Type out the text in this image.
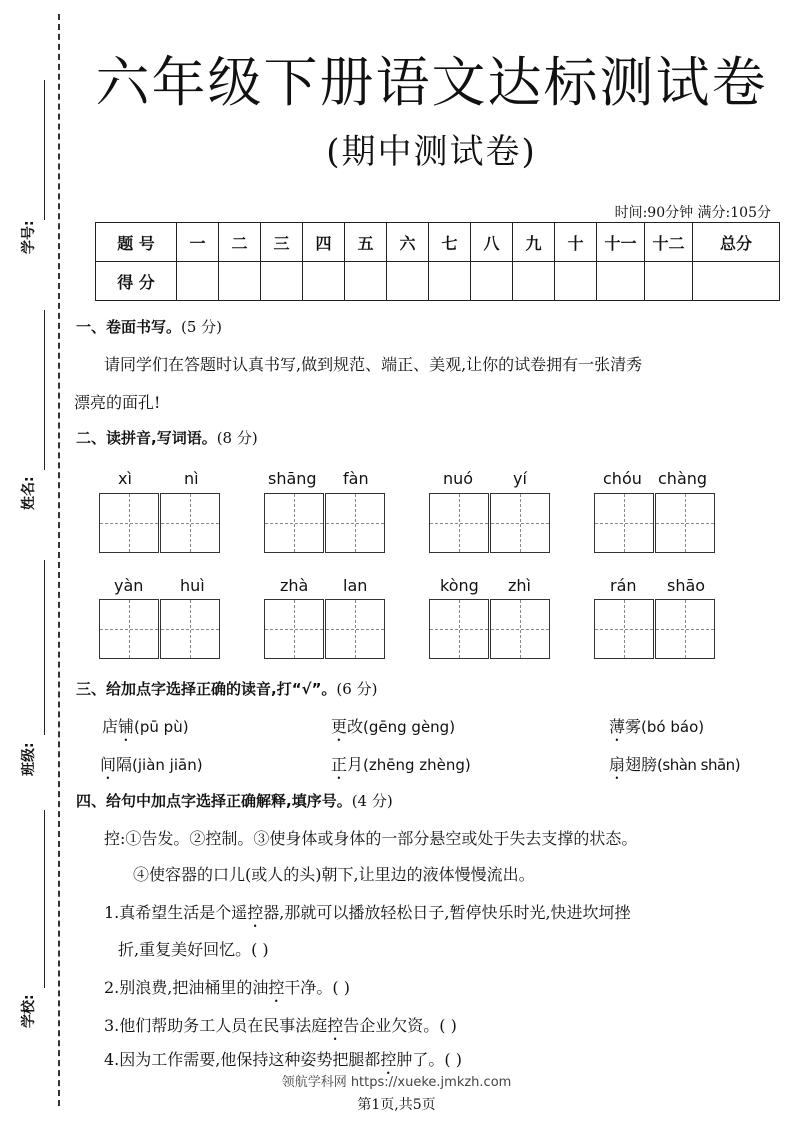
学号:
姓名:
班级:
学校:
六年级下册语文达标测试卷
(期中测试卷)
时间:90分钟 满分:105分
题 号	一	二	三	四	五	六	七	八	九	十	十一	十二	总分
得 分													
一、卷面书写。(5 分)
请同学们在答题时认真书写,做到规范、端正、美观,让你的试卷拥有一张清秀
漂亮的面孔!
二、读拼音,写词语。(8 分)
xì	nì	shāng fàn	nuó yí	chóu chàng
yàn huì	zhà lan	kòng zhì	rán shāo
三、给加点字选择正确的读音,打“√”。(6 分)
店铺(pū pù)	更改(gēng gèng)	薄雾(bó báo)
间隔(jiàn jiān)	正月(zhēng zhèng)	扇翅膀(shàn shān)
四、给句中加点字选择正确解释,填序号。(4 分)
控:①告发。②控制。③使身体或身体的一部分悬空或处于失去支撑的状态。
④使容器的口儿(或人的头)朝下,让里边的液体慢慢流出。
1.真希望生活是个遥控器,那就可以播放轻松日子,暂停快乐时光,快进坎坷挫
折,重复美好回忆。( )
2.别浪费,把油桶里的油控干净。( )
3.他们帮助务工人员在民事法庭控告企业欠资。( )
4.因为工作需要,他保持这种姿势把腿都控肿了。( )
领航学科网 https://xueke.jmkzh.com
第1页,共5页
